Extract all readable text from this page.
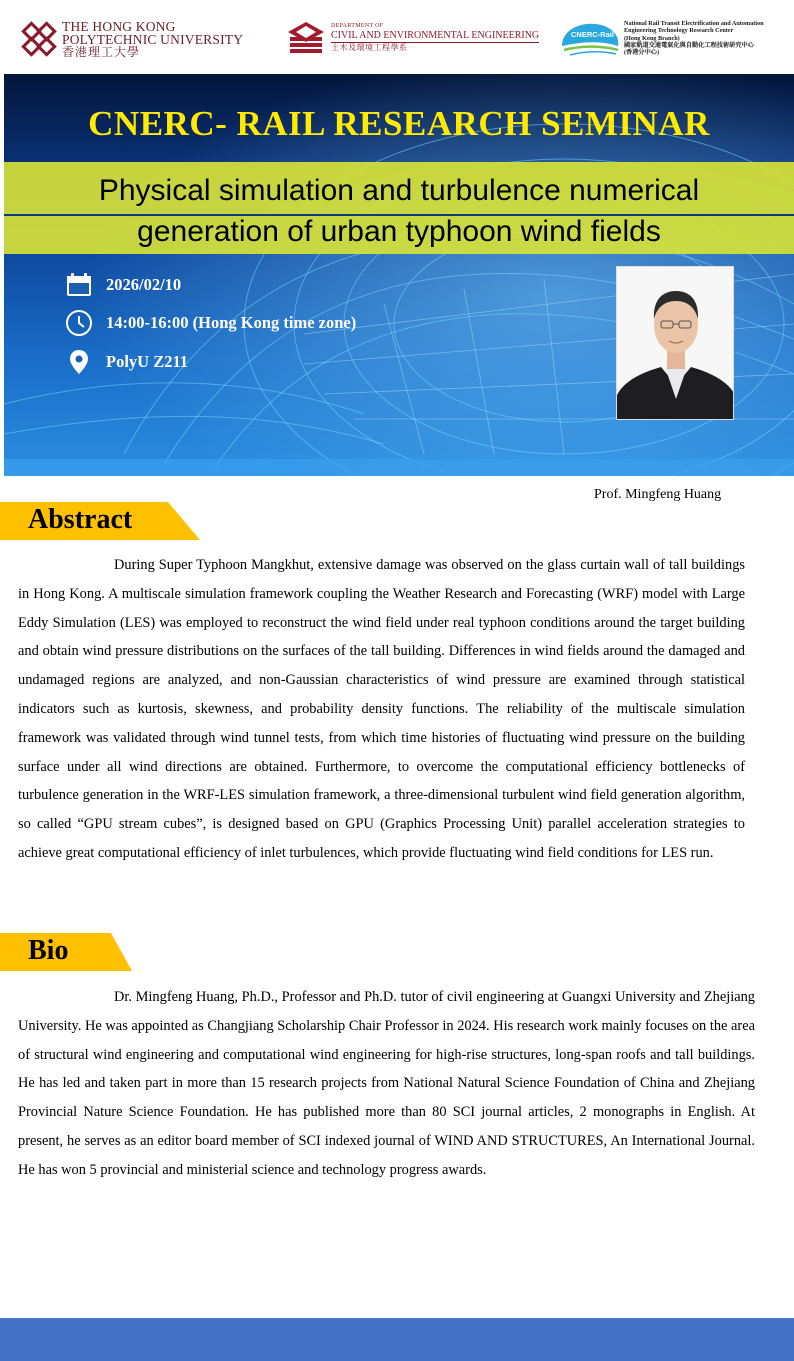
THE HONG KONG
POLYTECHNIC UNIVERSITY
香港理工大學
DEPARTMENT OF
CIVIL AND ENVIRONMENTAL ENGINEERING
土木及環境工程學系
CNERC-Rail
National Rail Transit Electrification and Automation
Engineering Technology Research Center
(Hong Kong Branch)
國家軌道交通電氣化與自動化工程技術研究中心
(香港分中心)
CNERC- RAIL RESEARCH SEMINAR
Physical simulation and turbulence numerical
generation of urban typhoon wind fields
2026/02/10
14:00-16:00 (Hong Kong time zone)
PolyU Z211
Prof. Mingfeng Huang
Abstract

During Super Typhoon Mangkhut, extensive damage was observed on the glass curtain wall of tall buildings in Hong Kong. A multiscale simulation framework coupling the Weather Research and Forecasting (WRF) model with Large Eddy Simulation (LES) was employed to reconstruct the wind field under real typhoon conditions around the target building and obtain wind pressure distributions on the surfaces of the tall building. Differences in wind fields around the damaged and undamaged regions are analyzed, and non-Gaussian characteristics of wind pressure are examined through statistical indicators such as kurtosis, skewness, and probability density functions. The reliability of the multiscale simulation framework was validated through wind tunnel tests, from which time histories of fluctuating wind pressure on the building surface under all wind directions are obtained. Furthermore, to overcome the computational efficiency bottlenecks of turbulence generation in the WRF-LES simulation framework, a three-dimensional turbulent wind field generation algorithm, so called “GPU stream cubes”, is designed based on GPU (Graphics Processing Unit) parallel acceleration strategies to achieve great computational efficiency of inlet turbulences, which provide fluctuating wind field conditions for LES run.

Bio

Dr. Mingfeng Huang, Ph.D., Professor and Ph.D. tutor of civil engineering at Guangxi University and Zhejiang University. He was appointed as Changjiang Scholarship Chair Professor in 2024. His research work mainly focuses on the area of structural wind engineering and computational wind engineering for high-rise structures, long-span roofs and tall buildings. He has led and taken part in more than 15 research projects from National Natural Science Foundation of China and Zhejiang Provincial Nature Science Foundation. He has published more than 80 SCI journal articles, 2 monographs in English. At present, he serves as an editor board member of SCI indexed journal of WIND AND STRUCTURES, An International Journal. He has won 5 provincial and ministerial science and technology progress awards.
